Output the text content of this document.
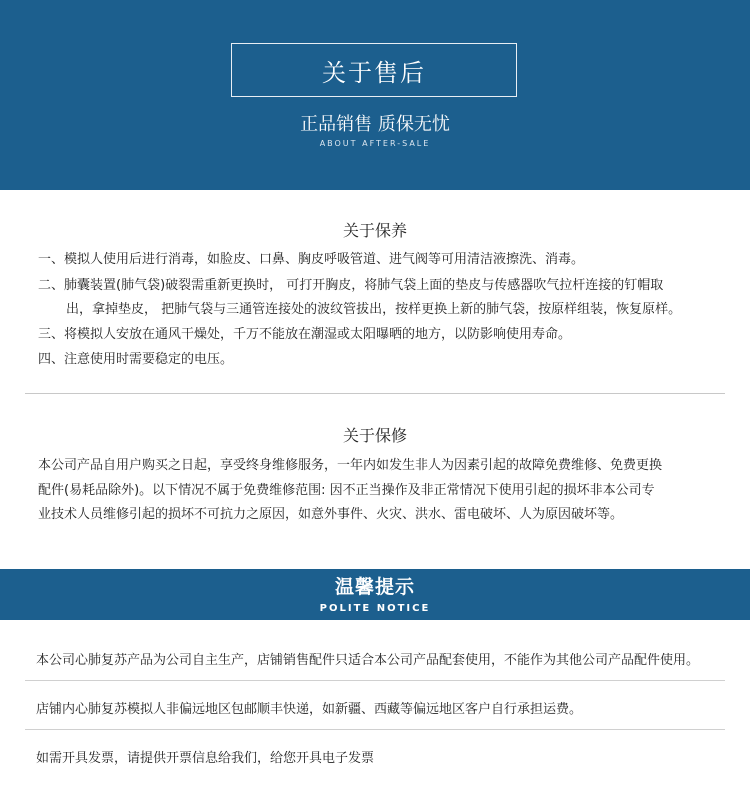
关于售后
正品销售 质保无忧
ABOUT AFTER-SALE
关于保养
一、模拟人使用后进行消毒，如脸皮、口鼻、胸皮呼吸管道、进气阀等可用清洁液擦洗、消毒。
二、肺囊装置(肺气袋)破裂需重新更换时， 可打开胸皮，将肺气袋上面的垫皮与传感器吹气拉杆连接的钉帽取
出，拿掉垫皮， 把肺气袋与三通管连接处的波纹管拔出，按样更换上新的肺气袋，按原样组装，恢复原样。
三、将模拟人安放在通风干燥处，千万不能放在潮湿或太阳曝晒的地方，以防影响使用寿命。
四、注意使用时需要稳定的电压。
关于保修
本公司产品自用户购买之日起，享受终身维修服务，一年内如发生非人为因素引起的故障免费维修、免费更换
配件(易耗品除外)。以下情况不属于免费维修范围: 因不正当操作及非正常情况下使用引起的损坏非本公司专
业技术人员维修引起的损坏不可抗力之原因，如意外事件、火灾、洪水、雷电破坏、人为原因破坏等。
温馨提示
POLITE NOTICE
本公司心肺复苏产品为公司自主生产，店铺销售配件只适合本公司产品配套使用，不能作为其他公司产品配件使用。
店铺内心肺复苏模拟人非偏远地区包邮顺丰快递，如新疆、西藏等偏远地区客户自行承担运费。
如需开具发票，请提供开票信息给我们，给您开具电子发票
